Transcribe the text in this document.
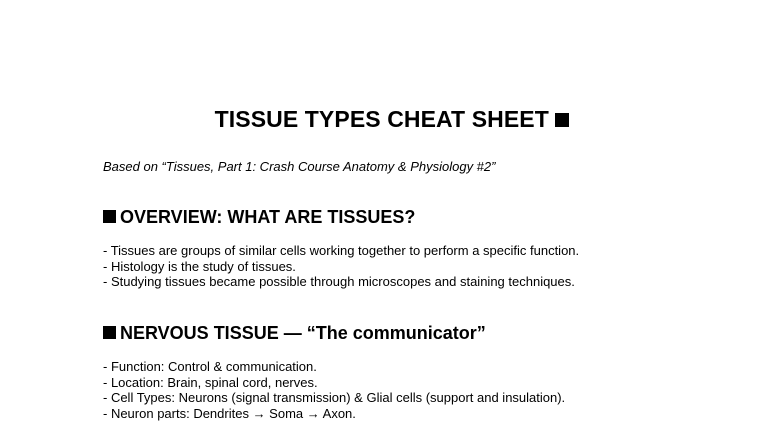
TISSUE TYPES CHEAT SHEET
Based on “Tissues, Part 1: Crash Course Anatomy & Physiology #2”
OVERVIEW: WHAT ARE TISSUES?
- Tissues are groups of similar cells working together to perform a specific function.
- Histology is the study of tissues.
- Studying tissues became possible through microscopes and staining techniques.
NERVOUS TISSUE — “The communicator”
- Function: Control & communication.
- Location: Brain, spinal cord, nerves.
- Cell Types: Neurons (signal transmission) & Glial cells (support and insulation).
- Neuron parts: Dendrites → Soma → Axon.
